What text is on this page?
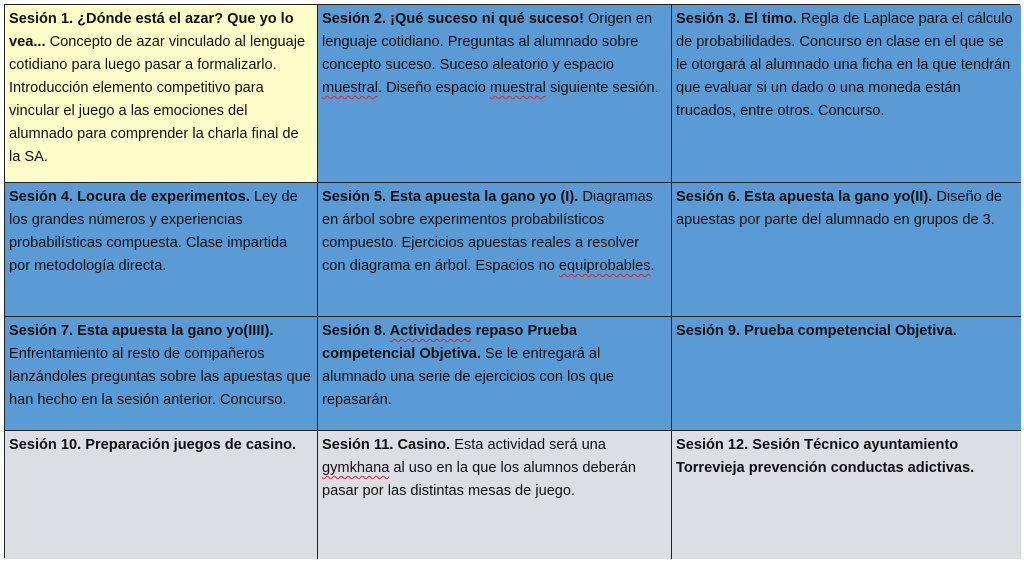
Sesión 1. ¿Dónde está el azar? Que yo lo vea... Concepto de azar vinculado al lenguaje cotidiano para luego pasar a formalizarlo. Introducción elemento competitivo para vincular el juego a las emociones del alumnado para comprender la charla final de la SA.
Sesión 2. ¡Qué suceso ni qué suceso! Origen en lenguaje cotidiano. Preguntas al alumnado sobre concepto suceso. Suceso aleatorio y espacio muestral. Diseño espacio muestral siguiente sesión.
Sesión 3. El timo. Regla de Laplace para el cálculo de probabilidades. Concurso en clase en el que se le otorgará al alumnado una ficha en la que tendrán que evaluar si un dado o una moneda están trucados, entre otros. Concurso.
Sesión 4. Locura de experimentos. Ley de los grandes números y experiencias probabilísticas compuesta. Clase impartida por metodología directa.
Sesión 5. Esta apuesta la gano yo (I). Diagramas en árbol sobre experimentos probabilísticos compuesto. Ejercicios apuestas reales a resolver con diagrama en árbol. Espacios no equiprobables.
Sesión 6. Esta apuesta la gano yo(II). Diseño de apuestas por parte del alumnado en grupos de 3.
Sesión 7. Esta apuesta la gano yo(IIII). Enfrentamiento al resto de compañeros lanzándoles preguntas sobre las apuestas que han hecho en la sesión anterior. Concurso.
Sesión 8. Actividades repaso Prueba competencial Objetiva. Se le entregará al alumnado una serie de ejercicios con los que repasarán.
Sesión 9. Prueba competencial Objetiva.
Sesión 10. Preparación juegos de casino.	Sesión 11. Casino. Esta actividad será una gymkhana al uso en la que los alumnos deberán pasar por las distintas mesas de juego.
Sesión 12. Sesión Técnico ayuntamiento Torrevieja prevención conductas adictivas.
